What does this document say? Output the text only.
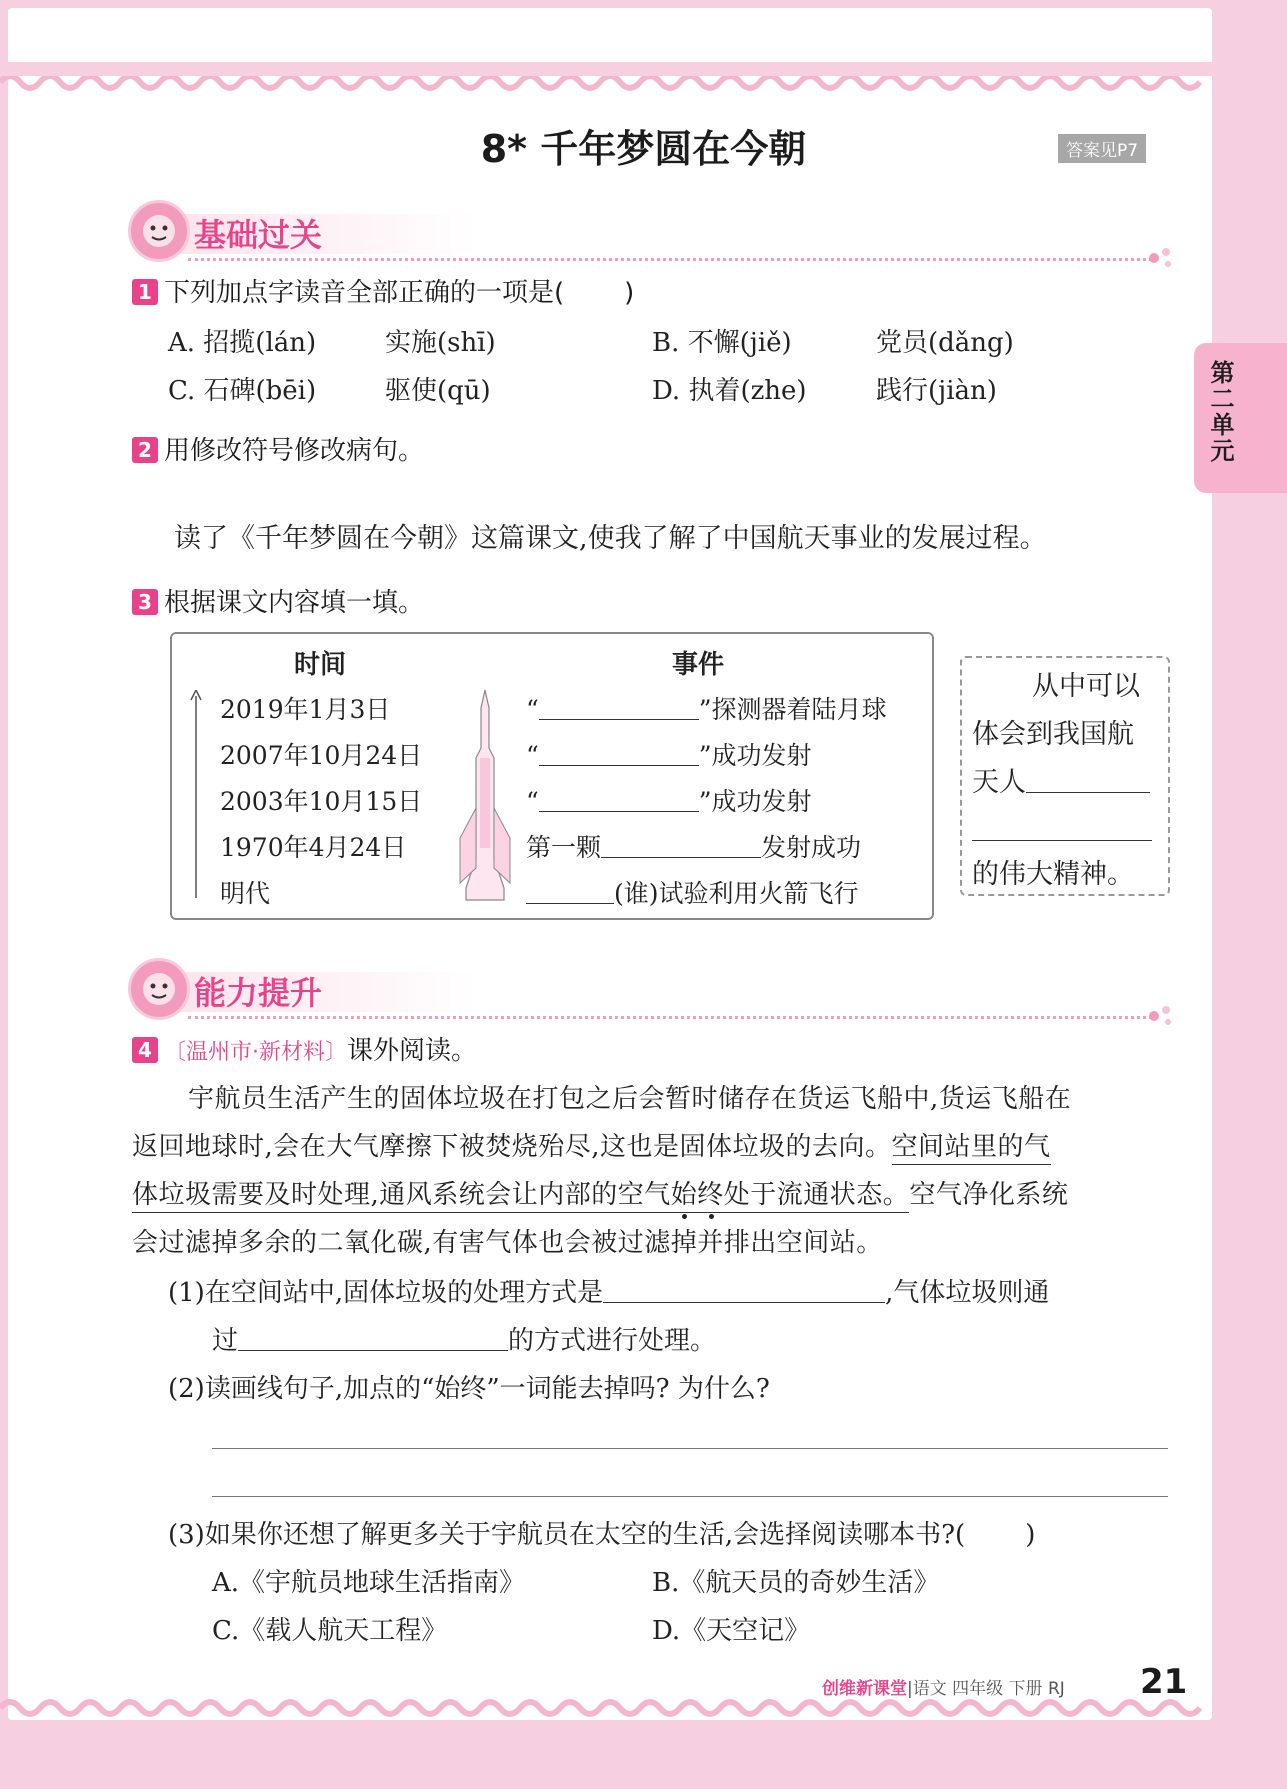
8* 千年梦圆在今朝	答案见P7
第二单元
基础过关
1 下列加点字读音全部正确的一项是( )
A. 招揽(lán)	实施(shī)	B. 不懈(jiě)	党员(dǎng)
C. 石碑(bēi)	驱使(qū)	D. 执着(zhe)	践行(jiàn)
2 用修改符号修改病句。
读了《千年梦圆在今朝》这篇课文,使我了解了中国航天事业的发展过程。
3 根据课文内容填一填。
时间	事件
2019年1月3日	“	”探测器着陆月球
2007年10月24日	“	”成功发射
2003年10月15日	“	”成功发射
1970年4月24日	第一颗	发射成功
明代	(谁)试验利用火箭飞行
从中可以
体会到我国航
天人
的伟大精神。
能力提升
4 〔温州市·新材料〕课外阅读。
宇航员生活产生的固体垃圾在打包之后会暂时储存在货运飞船中,货运飞船在
返回地球时,会在大气摩擦下被焚烧殆尽,这也是固体垃圾的去向。空间站里的气
体垃圾需要及时处理,通风系统会让内部的空气始终处于流通状态。空气净化系统
会过滤掉多余的二氧化碳,有害气体也会被过滤掉并排出空间站。
(1)在空间站中,固体垃圾的处理方式是	,气体垃圾则通
过	的方式进行处理。
(2)读画线句子,加点的“始终”一词能去掉吗? 为什么?
(3)如果你还想了解更多关于宇航员在太空的生活,会选择阅读哪本书?( )
A.《宇航员地球生活指南》	B.《航天员的奇妙生活》
C.《载人航天工程》	D.《天空记》
创维新课堂|语文 四年级 下册 RJ 21
